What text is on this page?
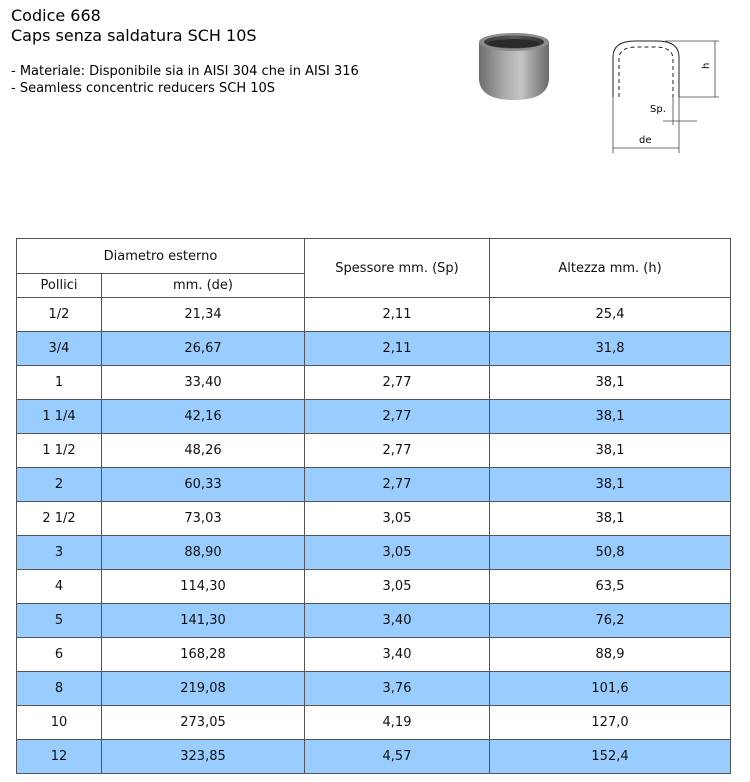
Codice 668
Caps senza saldatura SCH 10S
- Materiale: Disponibile sia in AISI 304 che in AISI 316
- Seamless concentric reducers SCH 10S
h
Sp.
de
Diametro esterno		Spessore mm. (Sp)	Altezza mm. (h)
Pollici	mm. (de)		
1/2	21,34	2,11	25,4
3/4	26,67	2,11	31,8
1	33,40	2,77	38,1
1 1/4	42,16	2,77	38,1
1 1/2	48,26	2,77	38,1
2	60,33	2,77	38,1
2 1/2	73,03	3,05	38,1
3	88,90	3,05	50,8
4	114,30	3,05	63,5
5	141,30	3,40	76,2
6	168,28	3,40	88,9
8	219,08	3,76	101,6
10	273,05	4,19	127,0
12	323,85	4,57	152,4
